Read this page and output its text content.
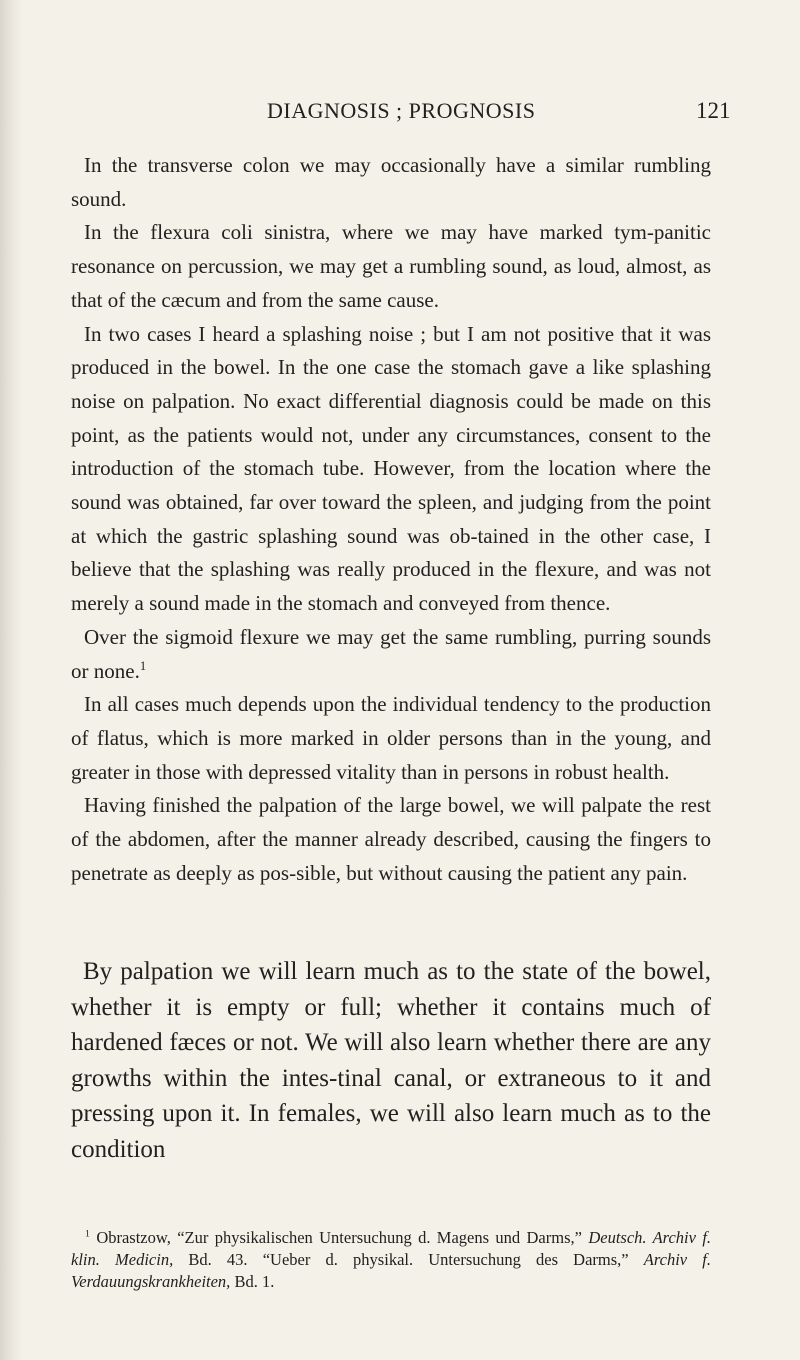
DIAGNOSIS ; PROGNOSIS	121

In the transverse colon we may occasionally have a similar rumbling sound.

In the flexura coli sinistra, where we may have marked tym-panitic resonance on percussion, we may get a rumbling sound, as loud, almost, as that of the cæcum and from the same cause.

In two cases I heard a splashing noise ; but I am not positive that it was produced in the bowel. In the one case the stomach gave a like splashing noise on palpation. No exact differential diagnosis could be made on this point, as the patients would not, under any circumstances, consent to the introduction of the stomach tube. However, from the location where the sound was obtained, far over toward the spleen, and judging from the point at which the gastric splashing sound was ob-tained in the other case, I believe that the splashing was really produced in the flexure, and was not merely a sound made in the stomach and conveyed from thence.

Over the sigmoid flexure we may get the same rumbling, purring sounds or none.$^1$

In all cases much depends upon the individual tendency to the production of flatus, which is more marked in older persons than in the young, and greater in those with depressed vitality than in persons in robust health.

Having finished the palpation of the large bowel, we will palpate the rest of the abdomen, after the manner already described, causing the fingers to penetrate as deeply as pos-sible, but without causing the patient any pain.

By palpation we will learn much as to the state of the bowel, whether it is empty or full; whether it contains much of hardened fæces or not. We will also learn whether there are any growths within the intes-tinal canal, or extraneous to it and pressing upon it. In females, we will also learn much as to the condition
$^1$ Obrastzow, “Zur physikalischen Untersuchung d. Magens und Darms,” Deutsch. Archiv f. klin. Medicin, Bd. 43. “Ueber d. physikal. Untersuchung des Darms,” Archiv f. Verdauungskrankheiten, Bd. 1.
